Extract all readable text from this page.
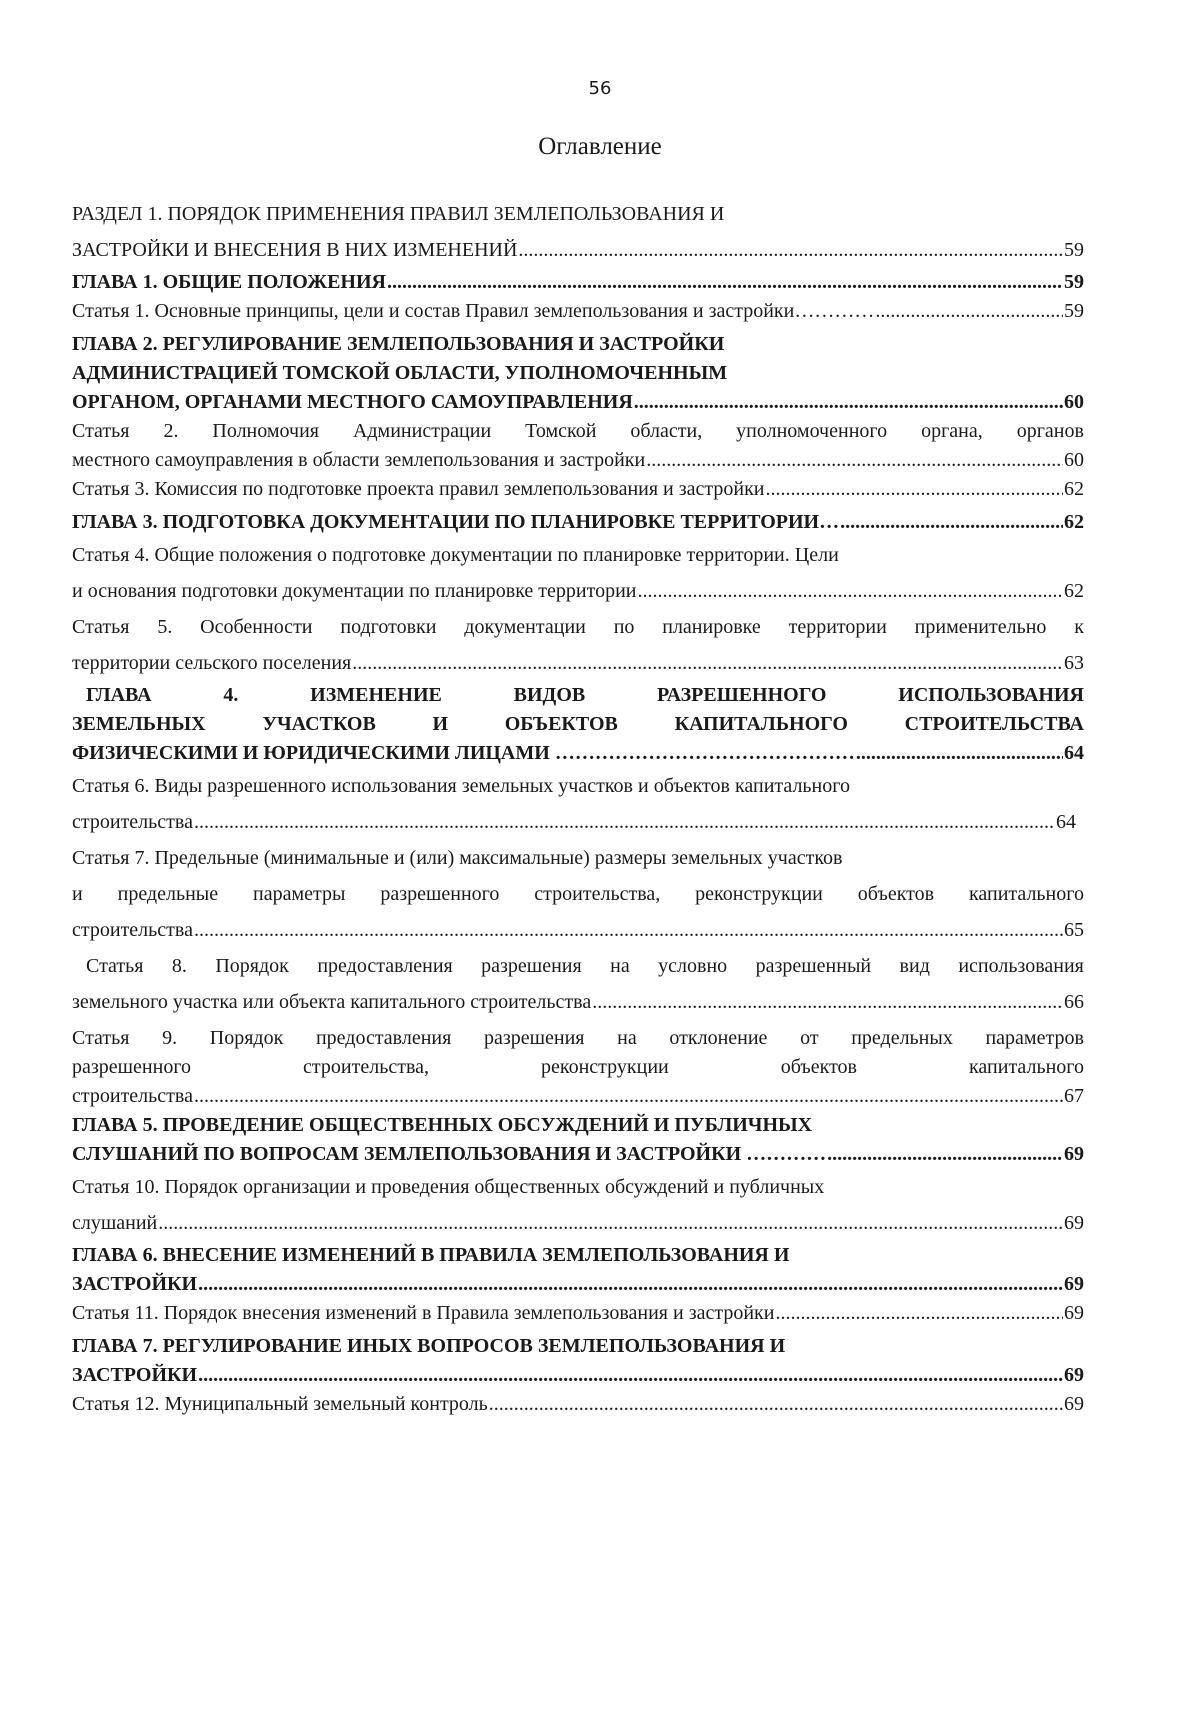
56
Оглавление
РАЗДЕЛ 1. ПОРЯДОК ПРИМЕНЕНИЯ ПРАВИЛ ЗЕМЛЕПОЛЬЗОВАНИЯ И
ЗАСТРОЙКИ И ВНЕСЕНИЯ В НИХ ИЗМЕНЕНИЙ .....	59
ГЛАВА 1. ОБЩИЕ ПОЛОЖЕНИЯ .....	59
Статья 1. Основные принципы, цели и состав Правил землепользования и застройки………… .....	59
ГЛАВА 2. РЕГУЛИРОВАНИЕ ЗЕМЛЕПОЛЬЗОВАНИЯ И ЗАСТРОЙКИ
АДМИНИСТРАЦИЕЙ ТОМСКОЙ ОБЛАСТИ, УПОЛНОМОЧЕННЫМ
ОРГАНОМ, ОРГАНАМИ МЕСТНОГО САМОУПРАВЛЕНИЯ .....	60
Статья 2. Полномочия Администрации Томской области, уполномоченного органа, органов
местного самоуправления в области землепользования и застройки .....	60
Статья 3. Комиссия по подготовке проекта правил землепользования и застройки .....	62
ГЛАВА 3. ПОДГОТОВКА ДОКУМЕНТАЦИИ ПО ПЛАНИРОВКЕ ТЕРРИТОРИИ… .....	62
Статья 4. Общие положения о подготовке документации по планировке территории. Цели
и основания подготовки документации по планировке территории .....	62
Статья 5. Особенности подготовки документации по планировке территории применительно к
территории сельского поселения .....	63
ГЛАВА	4.	ИЗМЕНЕНИЕ	ВИДОВ	РАЗРЕШЕННОГО	ИСПОЛЬЗОВАНИЯ
ЗЕМЕЛЬНЫХ	УЧАСТКОВ	И	ОБЪЕКТОВ	КАПИТАЛЬНОГО	СТРОИТЕЛЬСТВА
ФИЗИЧЕСКИМИ И ЮРИДИЧЕСКИМИ ЛИЦАМИ ……………………………………… .....	64
Статья 6. Виды разрешенного использования земельных участков и объектов капитального
строительства .....	64
Статья 7. Предельные (минимальные и (или) максимальные) размеры земельных участков
и предельные параметры разрешенного строительства, реконструкции объектов капитального
строительства .....	65
Статья 8. Порядок предоставления разрешения на условно разрешенный вид использования
земельного участка или объекта капитального строительства .....	66
Статья 9. Порядок предоставления разрешения на отклонение от предельных параметров
разрешенного	строительства,	реконструкции	объектов	капитального
строительства .....	67
ГЛАВА 5. ПРОВЕДЕНИЕ ОБЩЕСТВЕННЫХ ОБСУЖДЕНИЙ И ПУБЛИЧНЫХ
СЛУШАНИЙ ПО ВОПРОСАМ ЗЕМЛЕПОЛЬЗОВАНИЯ И ЗАСТРОЙКИ ………… .....	69
Статья 10. Порядок организации и проведения общественных обсуждений и публичных
слушаний .....	69
ГЛАВА 6. ВНЕСЕНИЕ ИЗМЕНЕНИЙ В ПРАВИЛА ЗЕМЛЕПОЛЬЗОВАНИЯ И
ЗАСТРОЙКИ .....	69
Статья 11. Порядок внесения изменений в Правила землепользования и застройки .....	69
ГЛАВА 7. РЕГУЛИРОВАНИЕ ИНЫХ ВОПРОСОВ ЗЕМЛЕПОЛЬЗОВАНИЯ И
ЗАСТРОЙКИ .....	69
Статья 12. Муниципальный земельный контроль .....	69
